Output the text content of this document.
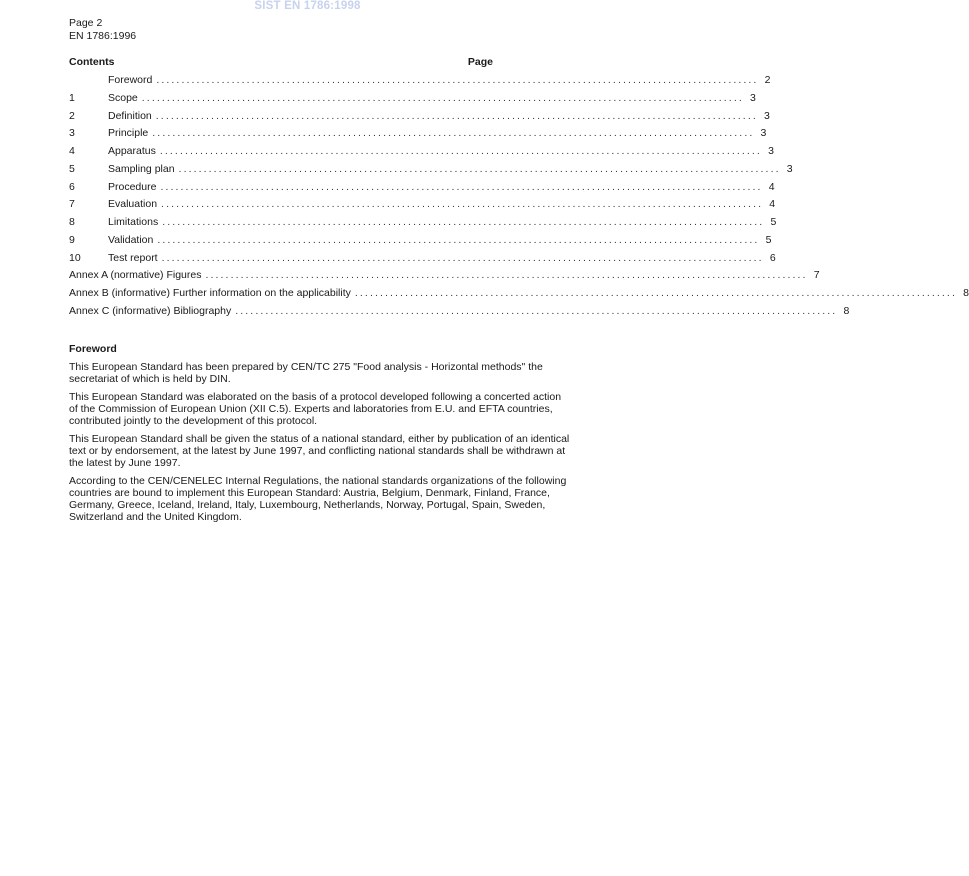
SIST EN 1786:1998
Page 2
EN 1786:1996
Contents	Page
Foreword ........................................................................................................................ 2
1	Scope ........................................................................................................................ 3
2	Definition ........................................................................................................................ 3
3	Principle ........................................................................................................................ 3
4	Apparatus ........................................................................................................................ 3
5	Sampling plan ........................................................................................................................ 3
6	Procedure ........................................................................................................................ 4
7	Evaluation ........................................................................................................................ 4
8	Limitations ........................................................................................................................ 5
9	Validation ........................................................................................................................ 5
10	Test report ........................................................................................................................ 6
Annex A (normative) Figures ........................................................................................................................ 7
Annex B (informative) Further information on the applicability ........................................................................................................................ 8
Annex C (informative) Bibliography ........................................................................................................................ 8
Foreword

This European Standard has been prepared by CEN/TC 275 "Food analysis - Horizontal methods" the secretariat of which is held by DIN.

This European Standard was elaborated on the basis of a protocol developed following a concerted action of the Commission of European Union (XII C.5). Experts and laboratories from E.U. and EFTA countries, contributed jointly to the development of this protocol.

This European Standard shall be given the status of a national standard, either by publication of an identical text or by endorsement, at the latest by June 1997, and conflicting national standards shall be withdrawn at the latest by June 1997.

According to the CEN/CENELEC Internal Regulations, the national standards organizations of the following countries are bound to implement this European Standard: Austria, Belgium, Denmark, Finland, France, Germany, Greece, Iceland, Ireland, Italy, Luxembourg, Netherlands, Norway, Portugal, Spain, Sweden, Switzerland and the United Kingdom.
